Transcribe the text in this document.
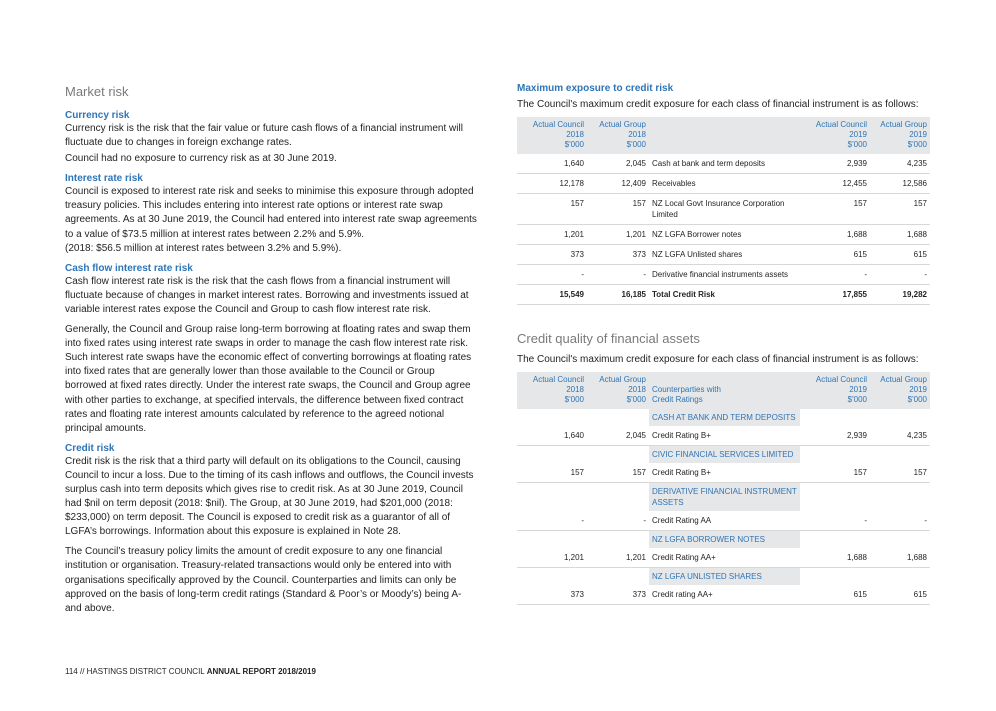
Market risk
Currency risk

Currency risk is the risk that the fair value or future cash flows of a financial instrument will fluctuate due to changes in foreign exchange rates.

Council had no exposure to currency risk as at 30 June 2019.

Interest rate risk

Council is exposed to interest rate risk and seeks to minimise this exposure through adopted treasury policies. This includes entering into interest rate options or interest rate swap agreements. As at 30 June 2019, the Council had entered into interest rate swap agreements to a value of $73.5 million at interest rates between 2.2% and 5.9%.

(2018: $56.5 million at interest rates between 3.2% and 5.9%).

Cash flow interest rate risk

Cash flow interest rate risk is the risk that the cash flows from a financial instrument will fluctuate because of changes in market interest rates. Borrowing and investments issued at variable interest rates expose the Council and Group to cash flow interest rate risk.

Generally, the Council and Group raise long-term borrowing at floating rates and swap them into fixed rates using interest rate swaps in order to manage the cash flow interest rate risk. Such interest rate swaps have the economic effect of converting borrowings at floating rates into fixed rates that are generally lower than those available to the Council or Group borrowed at fixed rates directly. Under the interest rate swaps, the Council and Group agree with other parties to exchange, at specified intervals, the difference between fixed contract rates and floating rate interest amounts calculated by reference to the agreed notional principal amounts.

Credit risk

Credit risk is the risk that a third party will default on its obligations to the Council, causing Council to incur a loss. Due to the timing of its cash inflows and outflows, the Council invests surplus cash into term deposits which gives rise to credit risk. As at 30 June 2019, Council had $nil on term deposit (2018: $nil). The Group, at 30 June 2019, had $201,000 (2018: $233,000) on term deposit. The Council is exposed to credit risk as a guarantor of all of LGFA’s borrowings. Information about this exposure is explained in Note 28.

The Council’s treasury policy limits the amount of credit exposure to any one financial institution or organisation. Treasury-related transactions would only be entered into with organisations specifically approved by the Council. Counterparties and limits can only be approved on the basis of long-term credit ratings (Standard & Poor’s or Moody’s) being A- and above.

Maximum exposure to credit risk

The Council's maximum credit exposure for each class of financial instrument is as follows:

Actual Council
2018
$'000	Actual Group
2018
$'000		Actual Council
2019
$'000	Actual Group
2019
$'000
1,640	2,045	Cash at bank and term deposits	2,939	4,235
12,178	12,409	Receivables	12,455	12,586
157	157	NZ Local Govt Insurance Corporation Limited	157	157
1,201	1,201	NZ LGFA Borrower notes	1,688	1,688
373	373	NZ LGFA Unlisted shares	615	615
-	-	Derivative financial instruments assets	-	-
15,549	16,185	Total Credit Risk	17,855	19,282
Credit quality of financial assets

The Council's maximum credit exposure for each class of financial instrument is as follows:

Actual Council
2018
$'000	Actual Group
2018
$'000	Counterparties with
Credit Ratings	Actual Council
2019
$'000	Actual Group
2019
$'000
		CASH AT BANK AND TERM DEPOSITS		
1,640	2,045	Credit Rating B+	2,939	4,235
		CIVIC FINANCIAL SERVICES LIMITED		
157	157	Credit Rating B+	157	157
		DERIVATIVE FINANCIAL INSTRUMENT ASSETS		
-	-	Credit Rating AA	-	-
		NZ LGFA BORROWER NOTES		
1,201	1,201	Credit Rating AA+	1,688	1,688
		NZ LGFA UNLISTED SHARES		
373	373	Credit rating AA+	615	615
114 // HASTINGS DISTRICT COUNCIL ANNUAL REPORT 2018/2019
